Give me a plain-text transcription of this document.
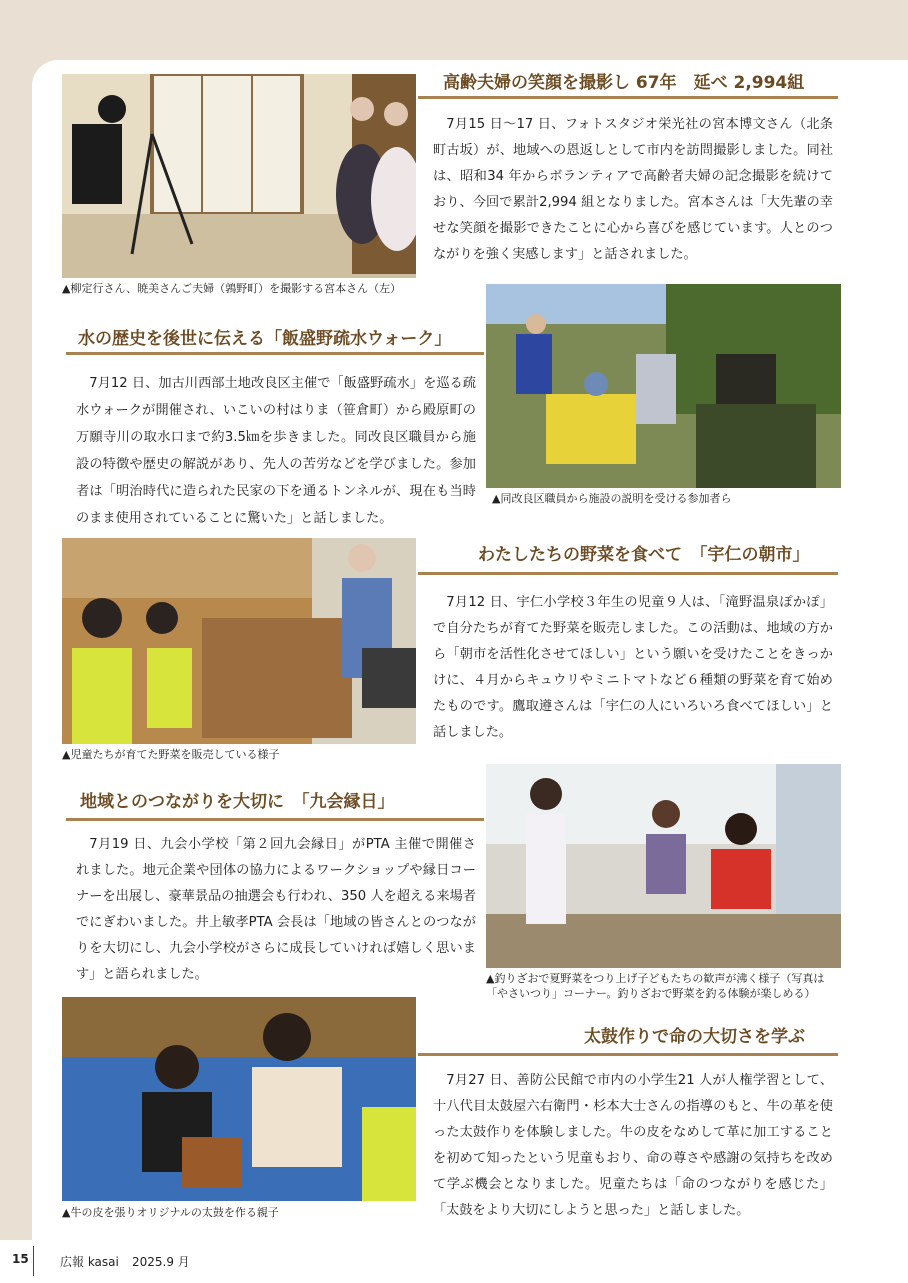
▲柳定行さん、暁美さんご夫婦（鶉野町）を撮影する宮本さん（左）
高齢夫婦の笑顔を撮影し 67年　延べ 2,994組
7月15 日～17 日、フォトスタジオ栄光社の宮本博文さん（北条町古坂）が、地域への恩返しとして市内を訪問撮影しました。同社は、昭和34 年からボランティアで高齢者夫婦の記念撮影を続けており、今回で累計2,994 組となりました。宮本さんは「大先輩の幸せな笑顔を撮影できたことに心から喜びを感じています。人とのつながりを強く実感します」と話されました。
水の歴史を後世に伝える「飯盛野疏水ウォーク」
7月12 日、加古川西部土地改良区主催で「飯盛野疏水」を巡る疏水ウォークが開催され、いこいの村はりま（笹倉町）から殿原町の万願寺川の取水口まで約3.5㎞を歩きました。同改良区職員から施設の特徴や歴史の解説があり、先人の苦労などを学びました。参加者は「明治時代に造られた民家の下を通るトンネルが、現在も当時のまま使用されていることに驚いた」と話しました。
▲同改良区職員から施設の説明を受ける参加者ら
▲児童たちが育てた野菜を販売している様子
わたしたちの野菜を食べて　「宇仁の朝市」
7月12 日、宇仁小学校３年生の児童９人は、「滝野温泉ぽかぽ」で自分たちが育てた野菜を販売しました。この活動は、地域の方から「朝市を活性化させてほしい」という願いを受けたことをきっかけに、４月からキュウリやミニトマトなど６種類の野菜を育て始めたものです。鷹取遵さんは「宇仁の人にいろいろ食べてほしい」と話しました。
地域とのつながりを大切に　「九会縁日」
7月19 日、九会小学校「第２回九会縁日」がPTA 主催で開催されました。地元企業や団体の協力によるワークショップや縁日コーナーを出展し、豪華景品の抽選会も行われ、350 人を超える来場者でにぎわいました。井上敏孝PTA 会長は「地域の皆さんとのつながりを大切にし、九会小学校がさらに成長していければ嬉しく思います」と語られました。	▲釣りざおで夏野菜をつり上げ子どもたちの歓声が沸く様子（写真は「やさいつり」コーナー。釣りざおで野菜を釣る体験が楽しめる）
▲牛の皮を張りオリジナルの太鼓を作る親子
太鼓作りで命の大切さを学ぶ
7月27 日、善防公民館で市内の小学生21 人が人権学習として、十八代目太鼓屋六右衛門・杉本大士さんの指導のもと、牛の革を使った太鼓作りを体験しました。牛の皮をなめして革に加工することを初めて知ったという児童もおり、命の尊さや感謝の気持ちを改めて学ぶ機会となりました。児童たちは「命のつながりを感じた」「太鼓をより大切にしようと思った」と話しました。
15	広報 kasai 2025.9 月
